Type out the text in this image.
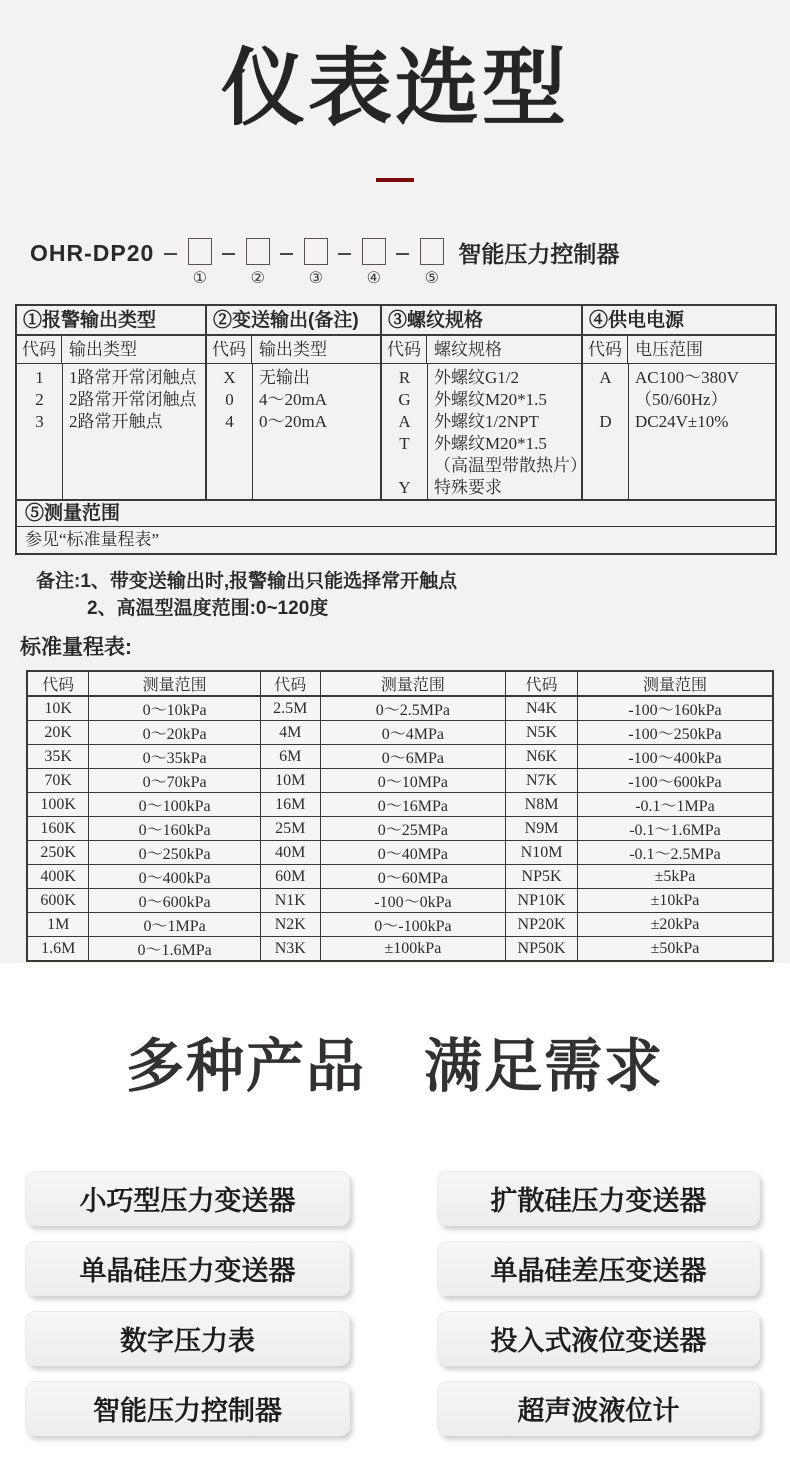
仪表选型
OHR-DP20
①	②	③	④	⑤
智能压力控制器
①报警输出类型
代码 输出类型
1	1路常开常闭触点
2	2路常开常闭触点
3	2路常开触点
②变送输出(备注)
代码 输出类型
X	无输出
0	4～20mA
4	0～20mA
③螺纹规格
代码 螺纹规格
R	外螺纹G1/2
G	外螺纹M20*1.5
A	外螺纹1/2NPT
T	外螺纹M20*1.5
（高温型带散热片）
Y	特殊要求
④供电电源
代码 电压范围
A	AC100～380V
（50/60Hz）
D	DC24V±10%
⑤测量范围
参见“标准量程表”
备注:1、带变送输出时,报警输出只能选择常开触点
2、高温型温度范围:0~120度
标准量程表:
代码	测量范围	代码	测量范围	代码	测量范围
10K	0～10kPa	2.5M	0～2.5MPa	N4K	-100～160kPa
20K	0～20kPa	4M	0～4MPa	N5K	-100～250kPa
35K	0～35kPa	6M	0～6MPa	N6K	-100～400kPa
70K	0～70kPa	10M	0～10MPa	N7K	-100～600kPa
100K	0～100kPa	16M	0～16MPa	N8M	-0.1～1MPa
160K	0～160kPa	25M	0～25MPa	N9M	-0.1～1.6MPa
250K	0～250kPa	40M	0～40MPa	N10M	-0.1～2.5MPa
400K	0～400kPa	60M	0～60MPa	NP5K	±5kPa
600K	0～600kPa	N1K	-100～0kPa	NP10K	±10kPa
1M	0～1MPa	N2K	0～-100kPa	NP20K	±20kPa
1.6M	0～1.6MPa	N3K	±100kPa	NP50K	±50kPa
多种产品 满足需求
小巧型压力变送器	扩散硅压力变送器
单晶硅压力变送器	单晶硅差压变送器
数字压力表	投入式液位变送器
智能压力控制器	超声波液位计
